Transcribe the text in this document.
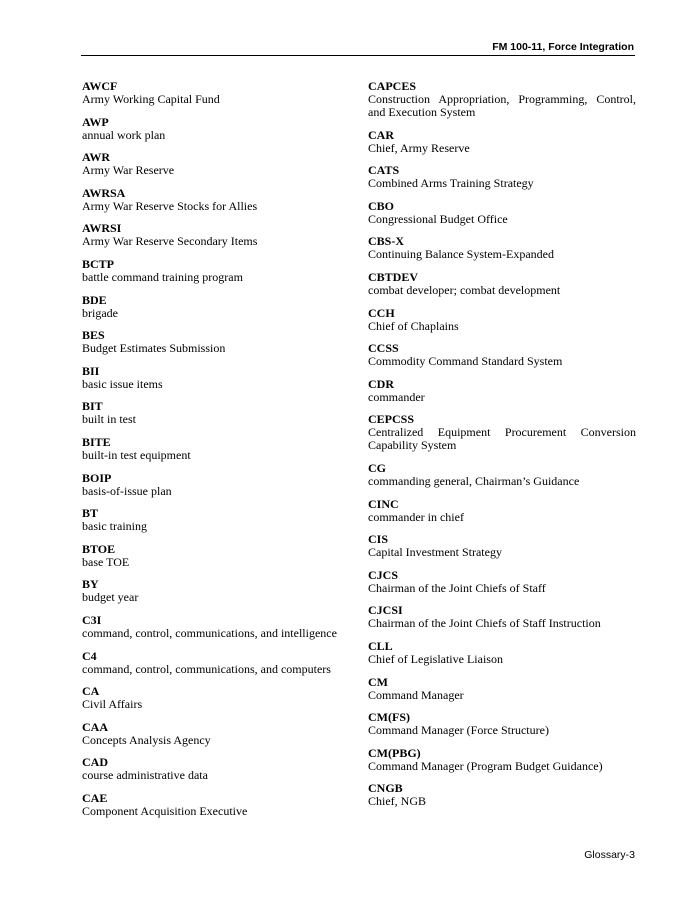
FM 100-11, Force Integration
AWCF
Army Working Capital Fund
AWP
annual work plan
AWR
Army War Reserve
AWRSA
Army War Reserve Stocks for Allies
AWRSI
Army War Reserve Secondary Items
BCTP
battle command training program
BDE
brigade
BES
Budget Estimates Submission
BII
basic issue items
BIT
built in test
BITE
built-in test equipment
BOIP
basis-of-issue plan
BT
basic training
BTOE
base TOE
BY
budget year
C3I
command, control, communications, and intelligence
C4
command, control, communications, and computers
CA
Civil Affairs
CAA
Concepts Analysis Agency
CAD
course administrative data
CAE
Component Acquisition Executive
CAPCES
Construction Appropriation, Programming, Control, and Execution System
CAR
Chief, Army Reserve
CATS
Combined Arms Training Strategy
CBO
Congressional Budget Office
CBS-X
Continuing Balance System-Expanded
CBTDEV
combat developer; combat development
CCH
Chief of Chaplains
CCSS
Commodity Command Standard System
CDR
commander
CEPCSS
Centralized Equipment Procurement Conversion Capability System
CG
commanding general, Chairman’s Guidance
CINC
commander in chief
CIS
Capital Investment Strategy
CJCS
Chairman of the Joint Chiefs of Staff
CJCSI
Chairman of the Joint Chiefs of Staff Instruction
CLL
Chief of Legislative Liaison
CM
Command Manager
CM(FS)
Command Manager (Force Structure)
CM(PBG)
Command Manager (Program Budget Guidance)
CNGB
Chief, NGB
Glossary-3
